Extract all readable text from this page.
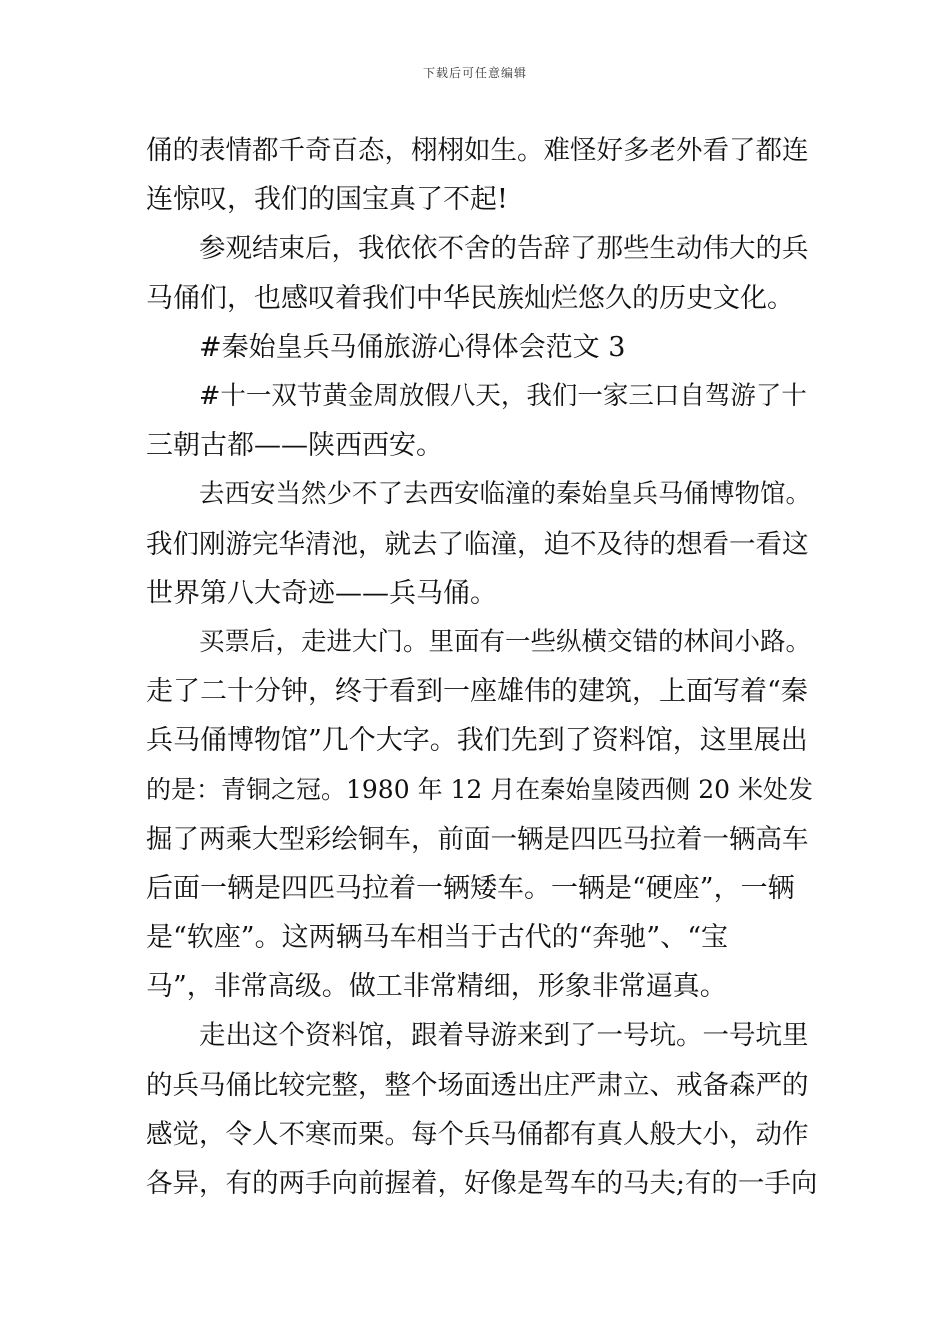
下载后可任意编辑
俑的表情都千奇百态，栩栩如生。难怪好多老外看了都连
连惊叹，我们的国宝真了不起!
参观结束后，我依依不舍的告辞了那些生动伟大的兵
马俑们，也感叹着我们中华民族灿烂悠久的历史文化。
#秦始皇兵马俑旅游心得体会范文 3
#十一双节黄金周放假八天，我们一家三口自驾游了十
三朝古都——陕西西安。
去西安当然少不了去西安临潼的秦始皇兵马俑博物馆。
我们刚游完华清池，就去了临潼，迫不及待的想看一看这
世界第八大奇迹——兵马俑。
买票后，走进大门。里面有一些纵横交错的林间小路。
走了二十分钟，终于看到一座雄伟的建筑，上面写着“秦
兵马俑博物馆”几个大字。我们先到了资料馆，这里展出
的是：青铜之冠。1980 年 12 月在秦始皇陵西侧 20 米处发
掘了两乘大型彩绘铜车，前面一辆是四匹马拉着一辆高车
后面一辆是四匹马拉着一辆矮车。一辆是“硬座”，一辆
是“软座”。这两辆马车相当于古代的“奔驰”、“宝
马”，非常高级。做工非常精细，形象非常逼真。
走出这个资料馆，跟着导游来到了一号坑。一号坑里
的兵马俑比较完整，整个场面透出庄严肃立、戒备森严的
感觉，令人不寒而栗。每个兵马俑都有真人般大小，动作
各异，有的两手向前握着，好像是驾车的马夫;有的一手向
